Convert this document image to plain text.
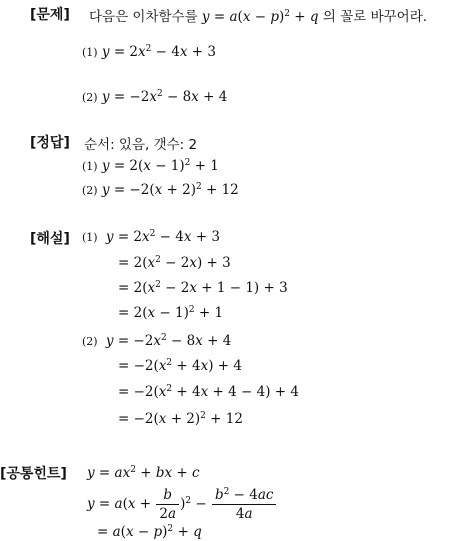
[문제] 다음은 이차함수를 $y = a(x - p)^2 + q$ 의 꼴로 바꾸어라.
(1) $y = 2x^2 - 4x + 3$
(2) $y = -2x^2 - 8x + 4$
[정답] 순서: 있음, 갯수: 2
(1) $y = 2(x - 1)^2 + 1$
(2) $y = -2(x + 2)^2 + 12$
[해설] (1) $y = 2x^2 - 4x + 3$
= $2(x^2 - 2x) + 3$
= $2(x^2 - 2x + 1 - 1) + 3$
= $2(x - 1)^2 + 1$
(2) $y = -2x^2 - 8x + 4$
= $-2(x^2 + 4x) + 4$
= $-2(x^2 + 4x + 4 - 4) + 4$
= $-2(x + 2)^2 + 12$
[공통힌트] $y = ax^2$ + bx + c
$y = a(x + \frac{b}{2a} )^2 - \frac{b^2 - 4ac}{4a}$
= $a(x - p)^2 + q$
